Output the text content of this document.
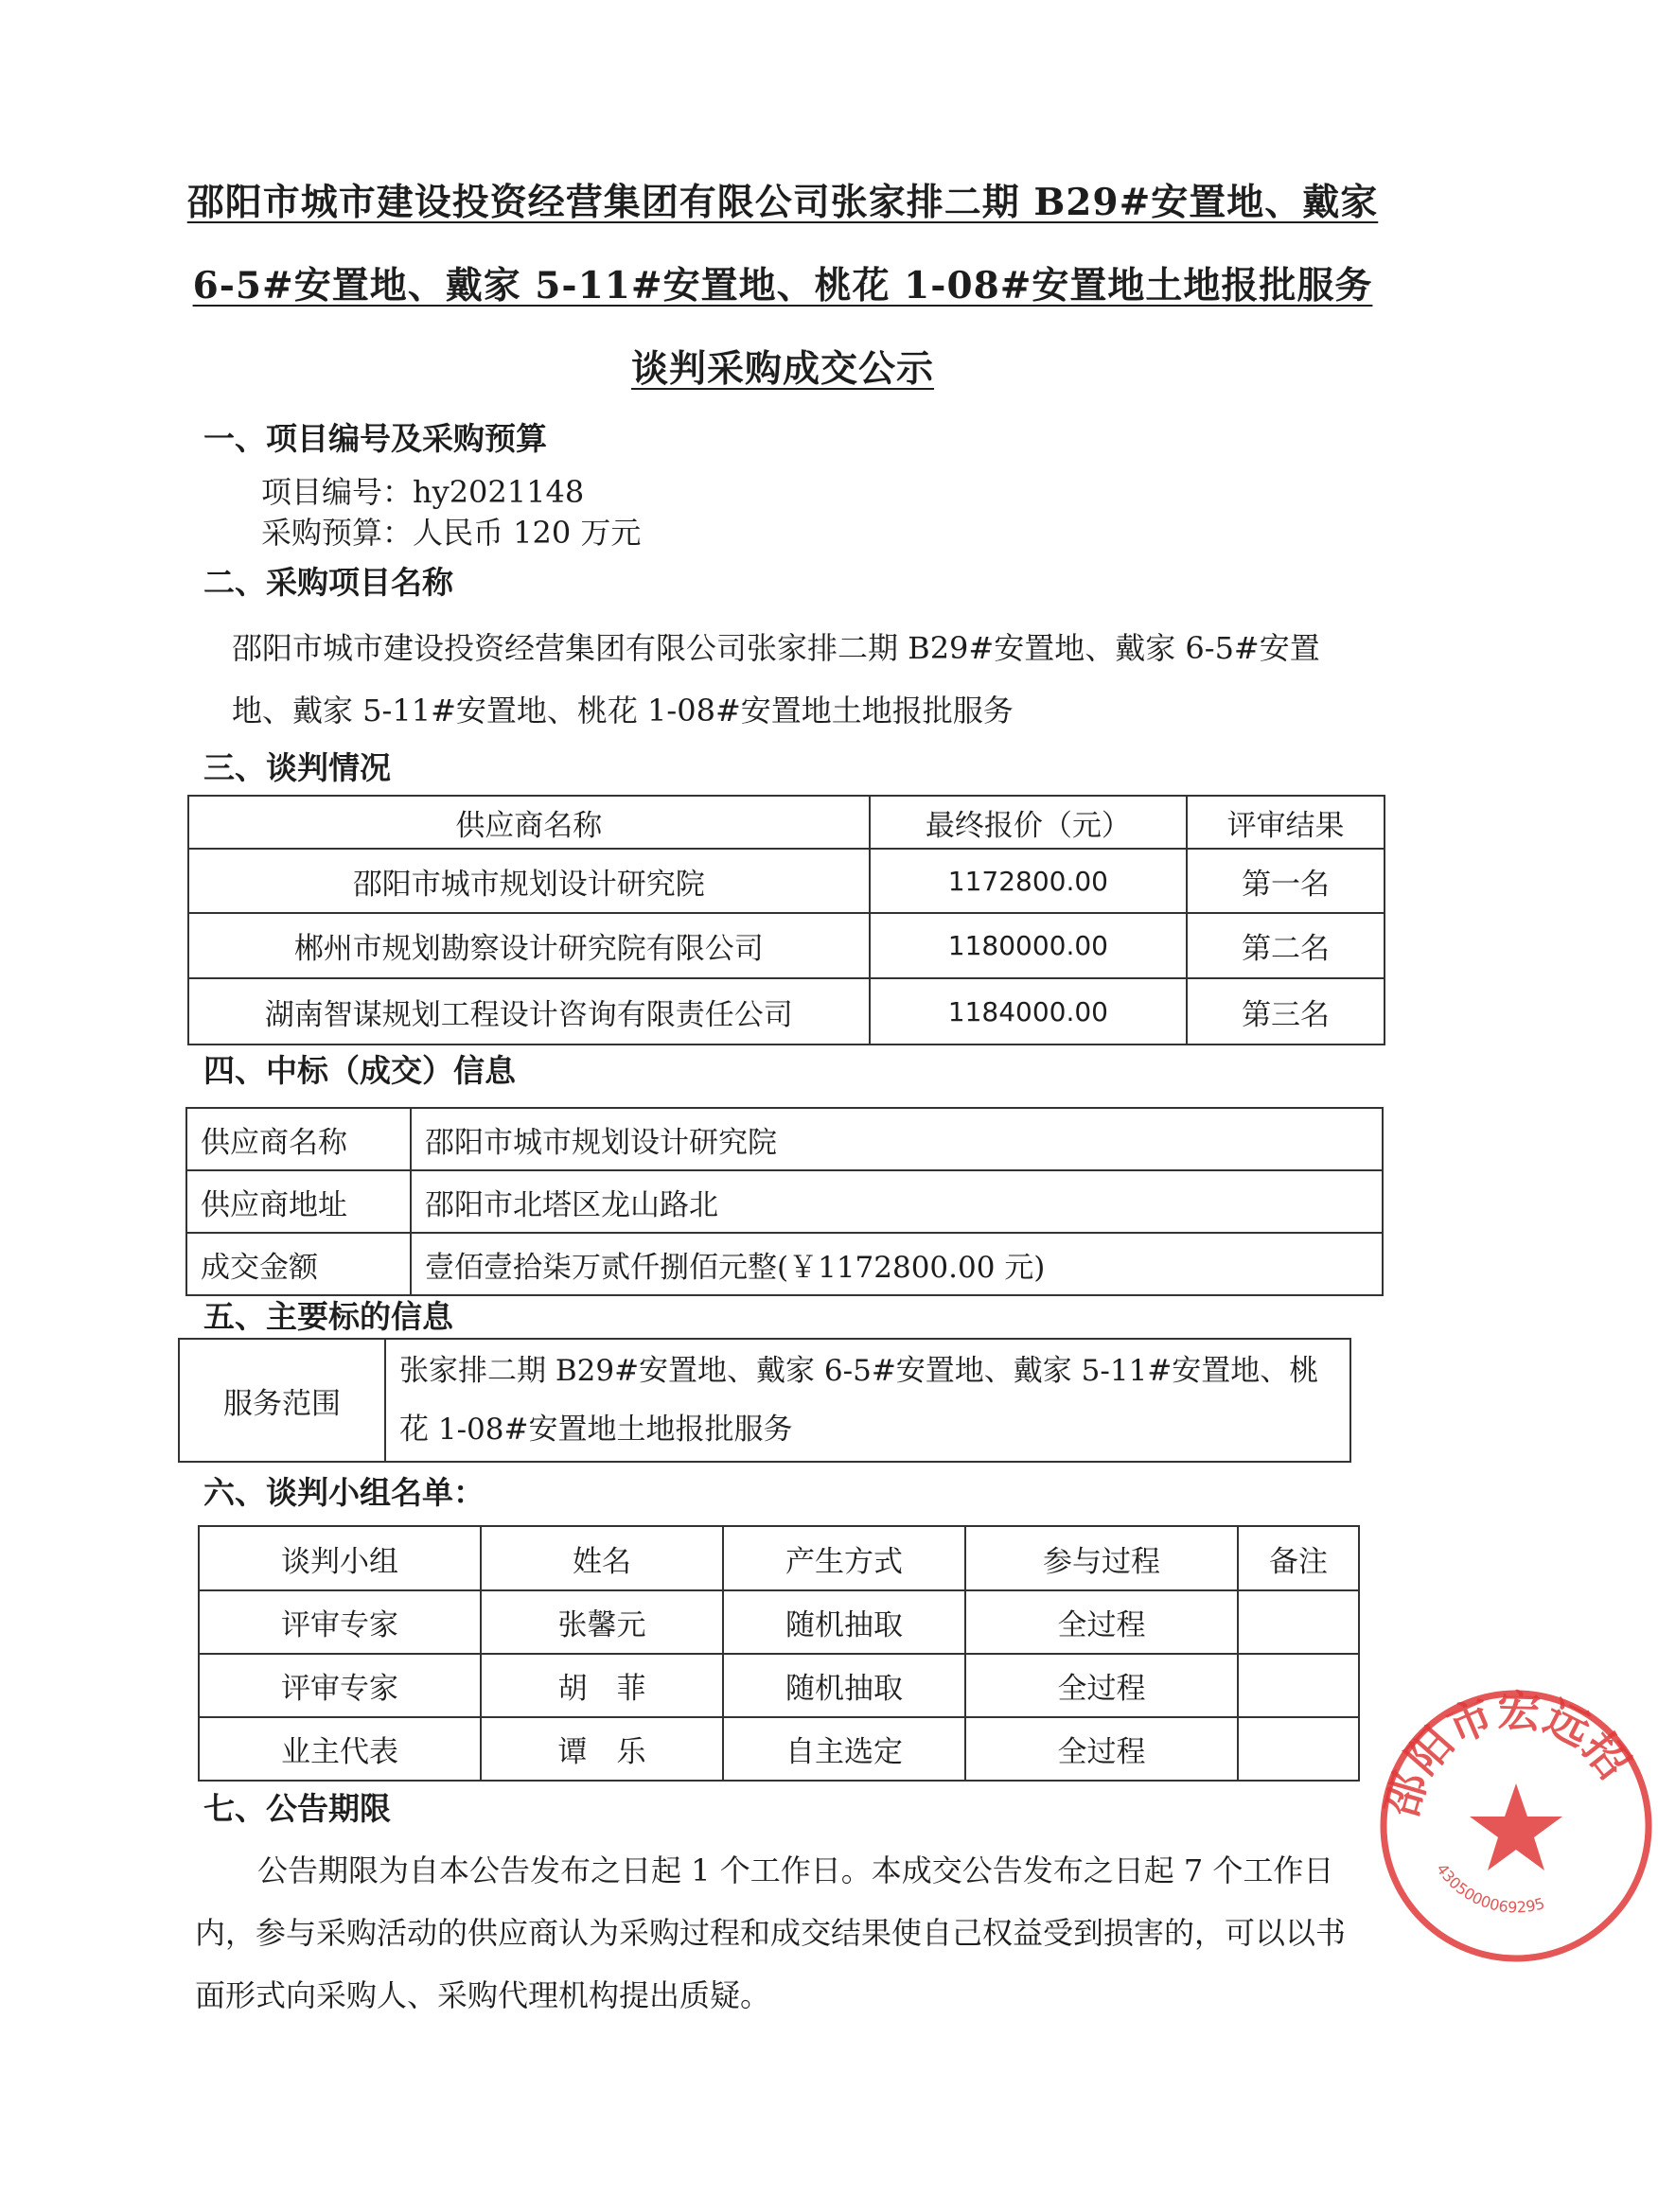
邵阳市城市建设投资经营集团有限公司张家排二期 B29#安置地、戴家
6-5#安置地、戴家 5-11#安置地、桃花 1-08#安置地土地报批服务
谈判采购成交公示
一、项目编号及采购预算
项目编号：hy2021148
采购预算：人民币 120 万元
二、采购项目名称
邵阳市城市建设投资经营集团有限公司张家排二期 B29#安置地、戴家 6-5#安置地、戴家 5-11#安置地、桃花 1-08#安置地土地报批服务
三、谈判情况
供应商名称	最终报价（元）	评审结果
邵阳市城市规划设计研究院	1172800.00	第一名
郴州市规划勘察设计研究院有限公司	1180000.00	第二名
湖南智谋规划工程设计咨询有限责任公司	1184000.00	第三名
四、中标（成交）信息
供应商名称	邵阳市城市规划设计研究院
供应商地址	邵阳市北塔区龙山路北
成交金额	壹佰壹拾柒万贰仟捌佰元整(￥1172800.00 元)
五、主要标的信息
服务范围	张家排二期 B29#安置地、戴家 6-5#安置地、戴家 5-11#安置地、桃花 1-08#安置地土地报批服务
六、谈判小组名单：
谈判小组	姓名	产生方式	参与过程	备注
评审专家	张馨元	随机抽取	全过程	
评审专家	胡　菲	随机抽取	全过程	
业主代表	谭　乐	自主选定	全过程	
七、公告期限
公告期限为自本公告发布之日起 1 个工作日。本成交公告发布之日起 7 个工作日内，参与采购活动的供应商认为采购过程和成交结果使自己权益受到损害的，可以以书面形式向采购人、采购代理机构提出质疑。
邵阳市宏远招
4305000069295
